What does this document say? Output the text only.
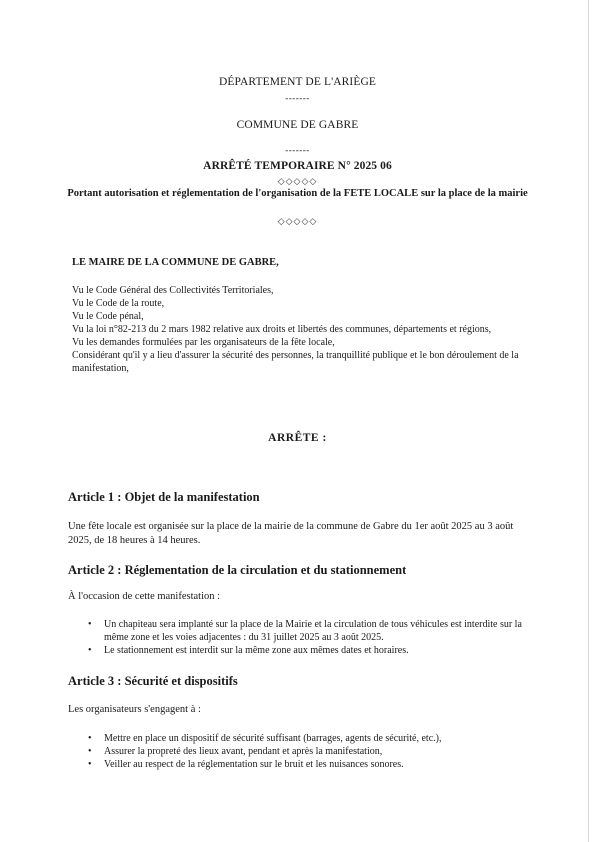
DÉPARTEMENT DE L'ARIÈGE
-------
COMMUNE DE GABRE
-------
ARRÊTÉ TEMPORAIRE N° 2025 06
◇◇◇◇◇
Portant autorisation et réglementation de l'organisation de la FETE LOCALE sur la place de la mairie
◇◇◇◇◇
LE MAIRE DE LA COMMUNE DE GABRE,
Vu le Code Général des Collectivités Territoriales,
Vu le Code de la route,
Vu le Code pénal,
Vu la loi n°82-213 du 2 mars 1982 relative aux droits et libertés des communes, départements et régions,
Vu les demandes formulées par les organisateurs de la fête locale,
Considérant qu'il y a lieu d'assurer la sécurité des personnes, la tranquillité publique et le bon déroulement de la manifestation,
ARRÊTE :
Article 1 : Objet de la manifestation
Une fête locale est organisée sur la place de la mairie de la commune de Gabre du 1er août 2025 au 3 août 2025, de 18 heures à 14 heures.
Article 2 : Réglementation de la circulation et du stationnement
À l'occasion de cette manifestation :
• Un chapiteau sera implanté sur la place de la Mairie et la circulation de tous véhicules est interdite sur la même zone et les voies adjacentes : du 31 juillet 2025 au 3 août 2025.
• Le stationnement est interdit sur la même zone aux mêmes dates et horaires.
Article 3 : Sécurité et dispositifs
Les organisateurs s'engagent à :
• Mettre en place un dispositif de sécurité suffisant (barrages, agents de sécurité, etc.),
• Assurer la propreté des lieux avant, pendant et après la manifestation,
• Veiller au respect de la réglementation sur le bruit et les nuisances sonores.
